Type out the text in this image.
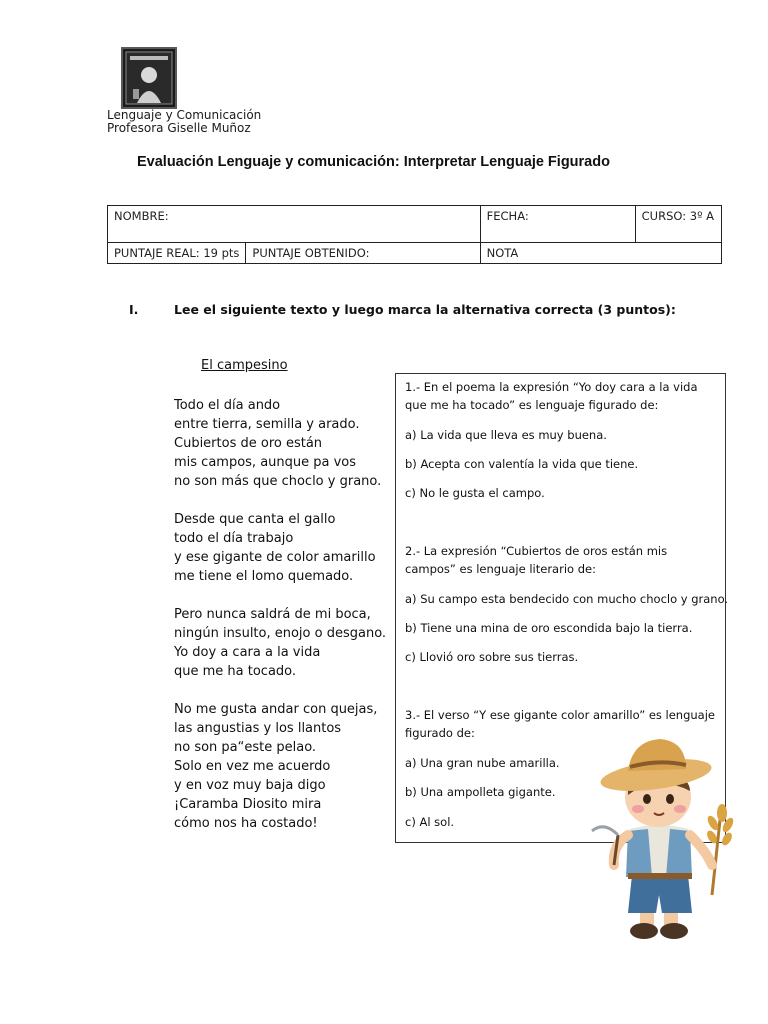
Lenguaje y Comunicación
Profesora Giselle Muñoz
Evaluación Lenguaje y comunicación: Interpretar Lenguaje Figurado
NOMBRE:		FECHA:	CURSO: 3º A
PUNTAJE REAL: 19 pts	PUNTAJE OBTENIDO:	NOTA	
I.	Lee el siguiente texto y luego marca la alternativa correcta (3 puntos):
El campesino
Todo el día ando
entre tierra, semilla y arado.
Cubiertos de oro están
mis campos, aunque pa vos
no son más que choclo y grano.
Desde que canta el gallo
todo el día trabajo
y ese gigante de color amarillo
me tiene el lomo quemado.
Pero nunca saldrá de mi boca,
ningún insulto, enojo o desgano.
Yo doy a cara a la vida
que me ha tocado.
No me gusta andar con quejas,
las angustias y los llantos
no son pa“este pelao.
Solo en vez me acuerdo
y en voz muy baja digo
¡Caramba Diosito mira
cómo nos ha costado!
1.- En el poema la expresión “Yo doy cara a la vida que me ha tocado” es lenguaje figurado de:
a) La vida que lleva es muy buena.
b) Acepta con valentía la vida que tiene.
c) No le gusta el campo.
2.- La expresión “Cubiertos de oros están mis campos” es lenguaje literario de:
a) Su campo esta bendecido con mucho choclo y grano.
b) Tiene una mina de oro escondida bajo la tierra.
c) Llovió oro sobre sus tierras.
3.- El verso “Y ese gigante color amarillo” es lenguaje figurado de:
a) Una gran nube amarilla.
b) Una ampolleta gigante.
c) Al sol.
